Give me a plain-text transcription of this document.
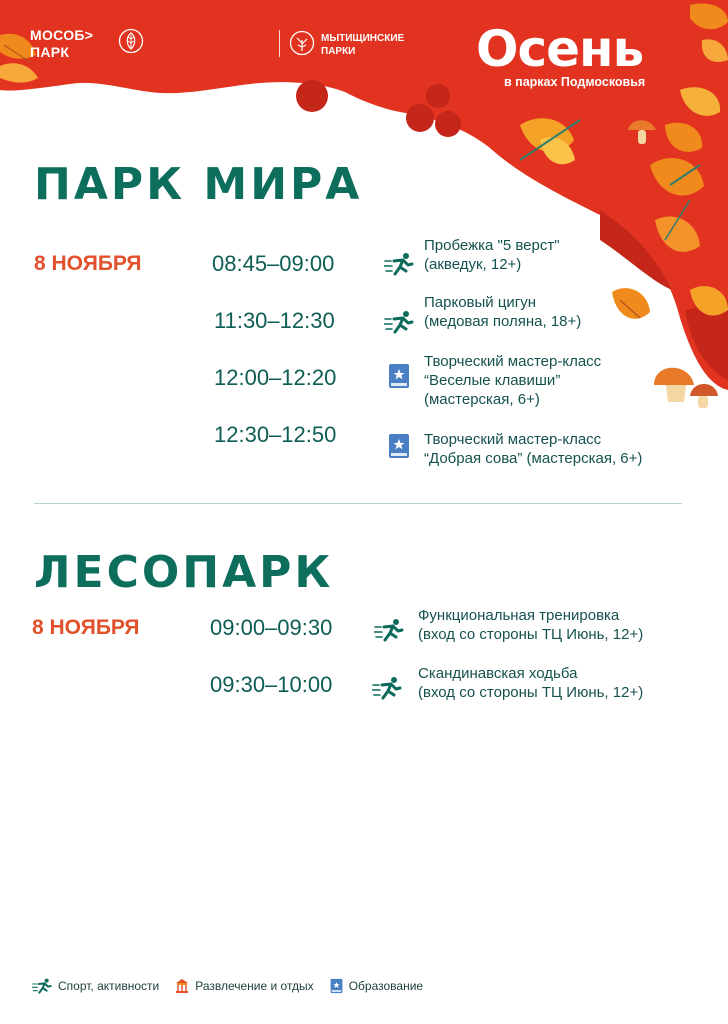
МОСОБ>
ПАРК
МЫТИЩИНСКИЕ
ПАРКИ	Осень
в парках Подмосковья
ПАРК МИРА
8 НОЯБРЯ	08:45–09:00
Пробежка "5 верст"
(акведук, 12+)
11:30–12:30
Парковый цигун
(медовая поляна, 18+)
12:00–12:20
Творческий мастер-класс
“Веселые клавиши”
(мастерская, 6+)
12:30–12:50	Творческий мастер-класс
“Добрая сова” (мастерская, 6+)
ЛЕСОПАРК
8 НОЯБРЯ	09:00–09:30	Функциональная тренировка
(вход со стороны ТЦ Июнь, 12+)
09:30–10:00	Скандинавская ходьба
(вход со стороны ТЦ Июнь, 12+)
Спорт, активности	Развлечение и отдых	Образование
